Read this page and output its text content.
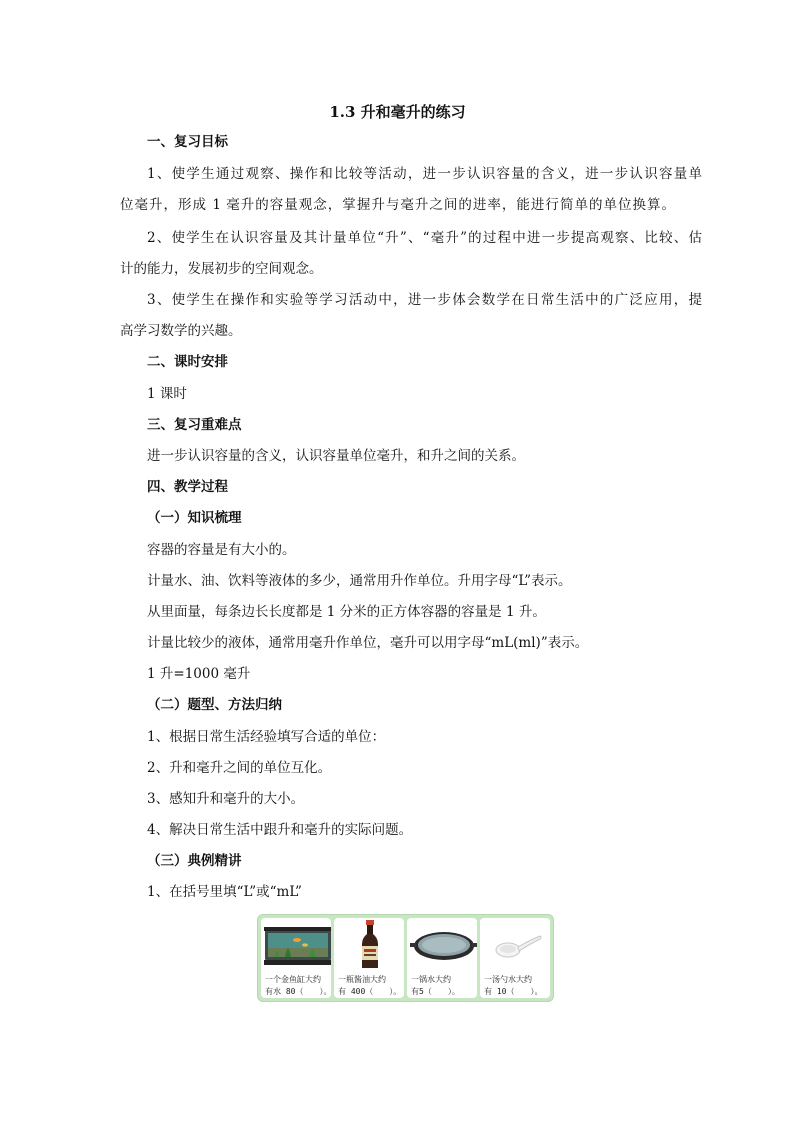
1.3 升和毫升的练习
一、复习目标
1、使学生通过观察、操作和比较等活动，进一步认识容量的含义，进一步认识容量单
位毫升，形成 1 毫升的容量观念，掌握升与毫升之间的进率，能进行简单的单位换算。
2、使学生在认识容量及其计量单位“升”、“毫升”的过程中进一步提高观察、比较、估
计的能力，发展初步的空间观念。
3、使学生在操作和实验等学习活动中，进一步体会数学在日常生活中的广泛应用，提
高学习数学的兴趣。
二、课时安排
1 课时
三、复习重难点
进一步认识容量的含义，认识容量单位毫升，和升之间的关系。
四、教学过程
（一）知识梳理
容器的容量是有大小的。
计量水、油、饮料等液体的多少，通常用升作单位。升用字母“L”表示。
从里面量，每条边长长度都是 1 分米的正方体容器的容量是 1 升。
计量比较少的液体，通常用毫升作单位，毫升可以用字母“mL(ml)”表示。
1 升=1000 毫升
（二）题型、方法归纳
1、根据日常生活经验填写合适的单位：
2、升和毫升之间的单位互化。
3、感知升和毫升的大小。
4、解决日常生活中跟升和毫升的实际问题。
（三）典例精讲
1、在括号里填“L”或“mL”
一个金鱼缸大约
有水 80（　　）。
一瓶酱油大约
有 400（　　）。
一锅水大约
有5（　　）。
一汤勺水大约
有 10（　　）。
